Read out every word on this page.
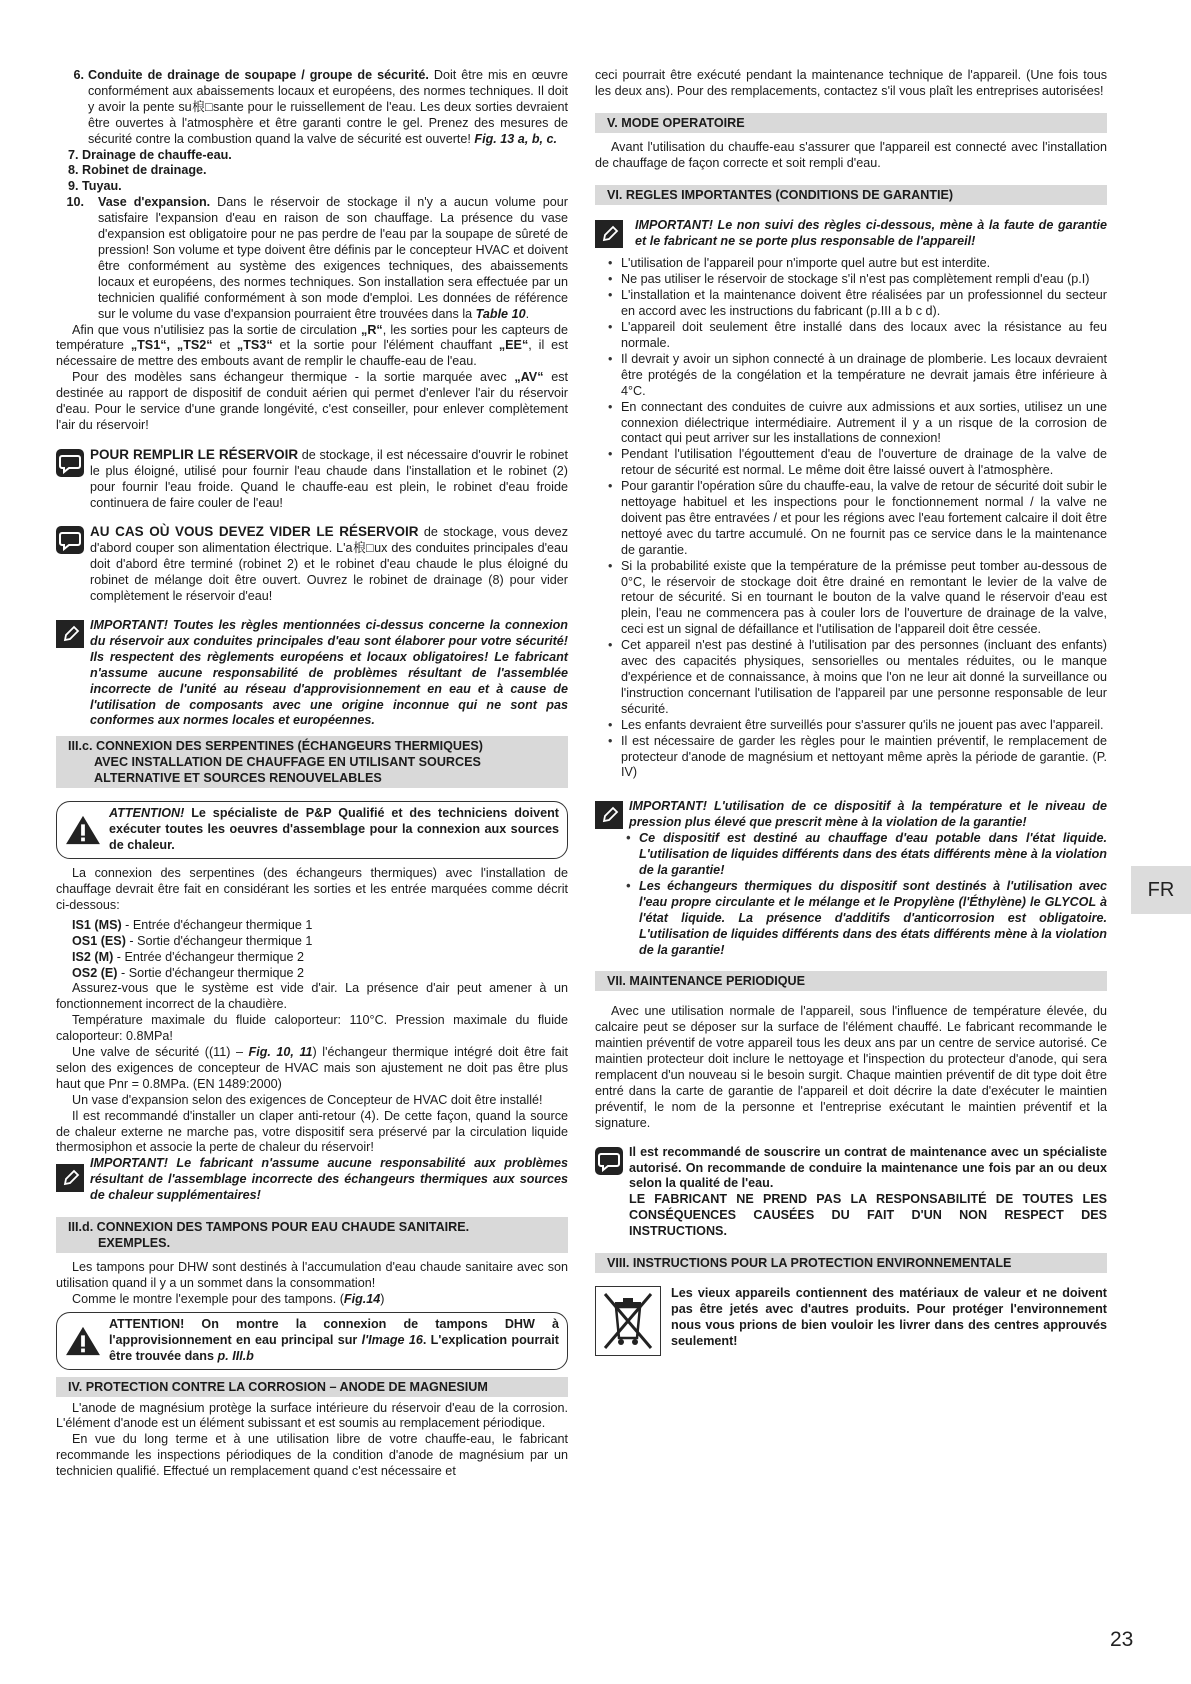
6. Conduite de drainage de soupape / groupe de sécurité. Doit être mis en œuvre conformément aux abaissements locaux et européens, des normes techniques. Il doit y avoir la pente su桹□sante pour le ruissellement de l'eau. Les deux sorties devraient être ouvertes à l'atmosphère et être garanti contre le gel. Prenez des mesures de sécurité contre la combustion quand la valve de sécurité est ouverte! Fig. 13 a, b, c.
7. Drainage de chauffe-eau.
8. Robinet de drainage.
9. Tuyau.
10.	Vase d'expansion. Dans le réservoir de stockage il n'y a aucun volume pour satisfaire l'expansion d'eau en raison de son chauffage. La présence du vase d'expansion est obligatoire pour ne pas perdre de l'eau par la soupape de sûreté de pression! Son volume et type doivent être définis par le concepteur HVAC et doivent être conformément au système des exigences techniques, des abaissements locaux et européens, des normes techniques. Son installation sera effectuée par un technicien qualifié conformément à son mode d'emploi. Les données de référence sur le volume du vase d'expansion pourraient être trouvées dans la Table 10.

Afin que vous n'utilisiez pas la sortie de circulation „R“, les sorties pour les capteurs de température „TS1“, „TS2“ et „TS3“ et la sortie pour l'élément chauffant „EE“, il est nécessaire de mettre des embouts avant de remplir le chauffe-eau de l'eau.

Pour des modèles sans échangeur thermique - la sortie marquée avec „AV“ est destinée au rapport de dispositif de conduit aérien qui permet d'enlever l'air du réservoir d'eau. Pour le service d'une grande longévité, c'est conseiller, pour enlever complètement l'air du réservoir!

POUR REMPLIR LE RÉSERVOIR de stockage, il est nécessaire d'ouvrir le robinet le plus éloigné, utilisé pour fournir l'eau chaude dans l'installation et le robinet (2) pour fournir l'eau froide. Quand le chauffe-eau est plein, le robinet d'eau froide continuera de faire couler de l'eau!
AU CAS OÙ VOUS DEVEZ VIDER LE RÉSERVOIR de stockage, vous devez d'abord couper son alimentation électrique. L'a桹□ux des conduites principales d'eau doit d'abord être terminé (robinet 2) et le robinet d'eau chaude le plus éloigné du robinet de mélange doit être ouvert. Ouvrez le robinet de drainage (8) pour vider complètement le réservoir d'eau!
IMPORTANT! Toutes les règles mentionnées ci-dessus concerne la connexion du réservoir aux conduites principales d'eau sont élaborer pour votre sécurité! Ils respectent des règlements européens et locaux obligatoires! Le fabricant n'assume aucune responsabilité de problèmes résultant de l'assemblée incorrecte de l'unité au réseau d'approvisionnement en eau et à cause de l'utilisation de composants avec une origine inconnue qui ne sont pas conformes aux normes locales et européennes.
III.c. CONNEXION DES SERPENTINES (ÉCHANGEURS THERMIQUES)
AVEC INSTALLATION DE CHAUFFAGE EN UTILISANT SOURCES
ALTERNATIVE ET SOURCES RENOUVELABLES
ATTENTION! Le spécialiste de P&P Qualifié et des techniciens doivent exécuter toutes les oeuvres d'assemblage pour la connexion aux sources de chaleur.

La connexion des serpentines (des échangeurs thermiques) avec l'installation de chauffage devrait être fait en considérant les sorties et les entrée marquées comme décrit ci-dessous:

IS1 (MS) - Entrée d'échangeur thermique 1
OS1 (ES) - Sortie d'échangeur thermique 1
IS2 (M) - Entrée d'échangeur thermique 2
OS2 (E) - Sortie d'échangeur thermique 2

Assurez-vous que le système est vide d'air. La présence d'air peut amener à un fonctionnement incorrect de la chaudière.

Température maximale du fluide caloporteur: 110°C. Pression maximale du fluide caloporteur: 0.8MPa!

Une valve de sécurité ((11) – Fig. 10, 11) l'échangeur thermique intégré doit être fait selon des exigences de concepteur de HVAC mais son ajustement ne doit pas être plus haut que Pnr = 0.8MPa. (EN 1489:2000)

Un vase d'expansion selon des exigences de Concepteur de HVAC doit être installé!

Il est recommandé d'installer un claper anti-retour (4). De cette façon, quand la source de chaleur externe ne marche pas, votre dispositif sera préservé par la circulation liquide thermosiphon et associe la perte de chaleur du réservoir!

IMPORTANT! Le fabricant n'assume aucune responsabilité aux problèmes résultant de l'assemblage incorrecte des échangeurs thermiques aux sources de chaleur supplémentaires!
III.d. CONNEXION DES TAMPONS POUR EAU CHAUDE SANITAIRE.
EXEMPLES.

Les tampons pour DHW sont destinés à l'accumulation d'eau chaude sanitaire avec son utilisation quand il y a un sommet dans la consommation!

Comme le montre l'exemple pour des tampons. (Fig.14)

ATTENTION! On montre la connexion de tampons DHW à l'approvisionnement en eau principal sur l'Image 16. L'explication pourrait être trouvée dans p. III.b
IV. PROTECTION CONTRE LA CORROSION – ANODE DE MAGNESIUM

L'anode de magnésium protège la surface intérieure du réservoir d'eau de la corrosion. L'élément d'anode est un élément subissant et est soumis au remplacement périodique.

En vue du long terme et à une utilisation libre de votre chauffe-eau, le fabricant recommande les inspections périodiques de la condition d'anode de magnésium par un technicien qualifié. Effectué un remplacement quand c'est nécessaire et

ceci pourrait être exécuté pendant la maintenance technique de l'appareil. (Une fois tous les deux ans). Pour des remplacements, contactez s'il vous plaît les entreprises autorisées!

V. MODE OPERATOIRE

Avant l'utilisation du chauffe-eau s'assurer que l'appareil est connecté avec l'installation de chauffage de façon correcte et soit rempli d'eau.

VI. REGLES IMPORTANTES (CONDITIONS DE GARANTIE)
IMPORTANT! Le non suivi des règles ci-dessous, mène à la faute de garantie et le fabricant ne se porte plus responsable de l'appareil!
• L'utilisation de l'appareil pour n'importe quel autre but est interdite.
• Ne pas utiliser le réservoir de stockage s'il n'est pas complètement rempli d'eau (p.I)
• L'installation et la maintenance doivent être réalisées par un professionnel du secteur en accord avec les instructions du fabricant (p.III a b c d).
• L'appareil doit seulement être installé dans des locaux avec la résistance au feu normale.
• Il devrait y avoir un siphon connecté à un drainage de plomberie. Les locaux devraient être protégés de la congélation et la température ne devrait jamais être inférieure à 4°C.
• En connectant des conduites de cuivre aux admissions et aux sorties, utilisez un une connexion diélectrique intermédiaire. Autrement il y a un risque de la corrosion de contact qui peut arriver sur les installations de connexion!
• Pendant l'utilisation l'égouttement d'eau de l'ouverture de drainage de la valve de retour de sécurité est normal. Le même doit être laissé ouvert à l'atmosphère.
• Pour garantir l'opération sûre du chauffe-eau, la valve de retour de sécurité doit subir le nettoyage habituel et les inspections pour le fonctionnement normal / la valve ne doivent pas être entravées / et pour les régions avec l'eau fortement calcaire il doit être nettoyé avec du tartre accumulé. On ne fournit pas ce service dans le la maintenance de garantie.
• Si la probabilité existe que la température de la prémisse peut tomber au-dessous de 0°C, le réservoir de stockage doit être drainé en remontant le levier de la valve de retour de sécurité. Si en tournant le bouton de la valve quand le réservoir d'eau est plein, l'eau ne commencera pas à couler lors de l'ouverture de drainage de la valve, ceci est un signal de défaillance et l'utilisation de l'appareil doit être cessée.
• Cet appareil n'est pas destiné à l'utilisation par des personnes (incluant des enfants) avec des capacités physiques, sensorielles ou mentales réduites, ou le manque d'expérience et de connaissance, à moins que l'on ne leur ait donné la surveillance ou l'instruction concernant l'utilisation de l'appareil par une personne responsable de leur sécurité.
• Les enfants devraient être surveillés pour s'assurer qu'ils ne jouent pas avec l'appareil.
• Il est nécessaire de garder les règles pour le maintien préventif, le remplacement de protecteur d'anode de magnésium et nettoyant même après la période de garantie. (P. IV)
IMPORTANT! L'utilisation de ce dispositif à la température et le niveau de pression plus élevé que prescrit mène à la violation de la garantie!
• Ce dispositif est destiné au chauffage d'eau potable dans l'état liquide. L'utilisation de liquides différents dans des états différents mène à la violation de la garantie!
• Les échangeurs thermiques du dispositif sont destinés à l'utilisation avec l'eau propre circulante et le mélange et le Propylène (l'Éthylène) le GLYCOL à l'état liquide. La présence d'additifs d'anticorrosion est obligatoire. L'utilisation de liquides différents dans des états différents mène à la violation de la garantie!
VII. MAINTENANCE PERIODIQUE

Avec une utilisation normale de l'appareil, sous l'influence de température élevée, du calcaire peut se déposer sur la surface de l'élément chauffé. Le fabricant recommande le maintien préventif de votre appareil tous les deux ans par un centre de service autorisé. Ce maintien protecteur doit inclure le nettoyage et l'inspection du protecteur d'anode, qui sera remplacent d'un nouveau si le besoin surgit. Chaque maintien préventif de dit type doit être entré dans la carte de garantie de l'appareil et doit décrire la date d'exécuter le maintien préventif, le nom de la personne et l'entreprise exécutant le maintien préventif et la signature.

Il est recommandé de souscrire un contrat de maintenance avec un spécialiste autorisé. On recommande de conduire la maintenance une fois par an ou deux selon la qualité de l'eau.
LE FABRICANT NE PREND PAS LA RESPONSABILITÉ DE TOUTES LES CONSÉQUENCES CAUSÉES DU FAIT D'UN NON RESPECT DES INSTRUCTIONS.
VIII. INSTRUCTIONS POUR LA PROTECTION ENVIRONNEMENTALE
Les vieux appareils contiennent des matériaux de valeur et ne doivent pas être jetés avec d'autres produits. Pour protéger l'environnement nous vous prions de bien vouloir les livrer dans des centres approuvés seulement!
FR
23
